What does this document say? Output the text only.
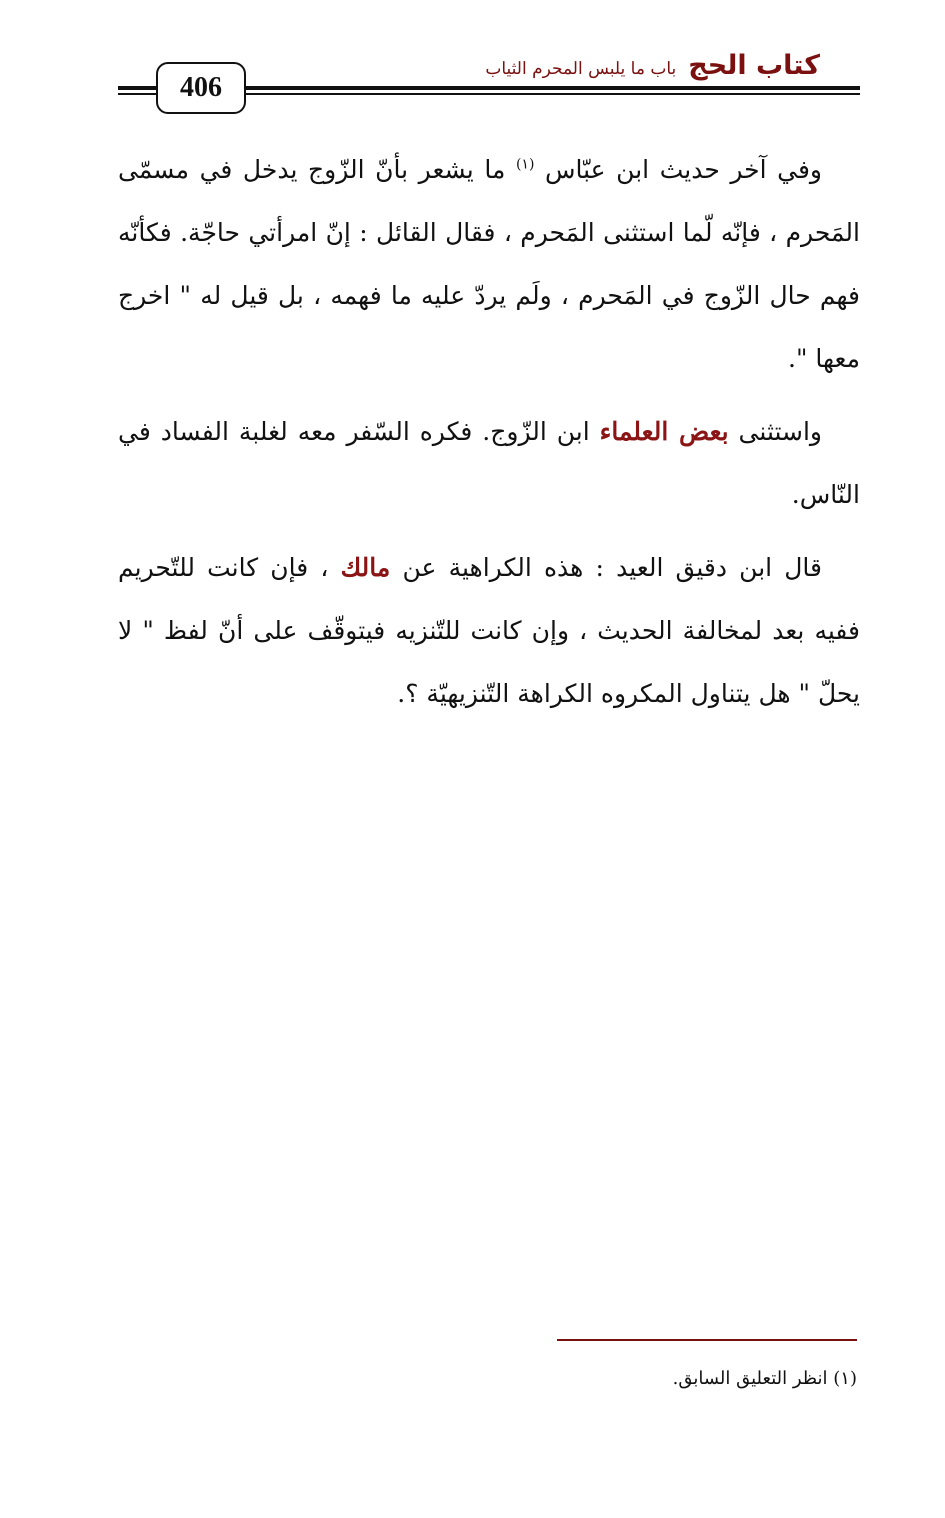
كتاب الحج
باب ما يلبس المحرم الثياب
406

وفي آخر حديث ابن عبّاس $^{(١)}$ ما يشعر بأنّ الزّوج يدخل في مسمّى المَحرم ، فإنّه لّما استثنى المَحرم ، فقال القائل : إنّ امرأتي حاجّة. فكأنّه فهم حال الزّوج في المَحرم ، ولَم يردّ عليه ما فهمه ، بل قيل له " اخرج معها ".

واستثنى بعض العلماء ابن الزّوج. فكره السّفر معه لغلبة الفساد في النّاس.

قال ابن دقيق العيد : هذه الكراهية عن مالك ، فإن كانت للتّحريم ففيه بعد لمخالفة الحديث ، وإن كانت للتّنزيه فيتوقّف على أنّ لفظ " لا يحلّ " هل يتناول المكروه الكراهة التّنزيهيّة ؟.

(١) انظر التعليق السابق.
